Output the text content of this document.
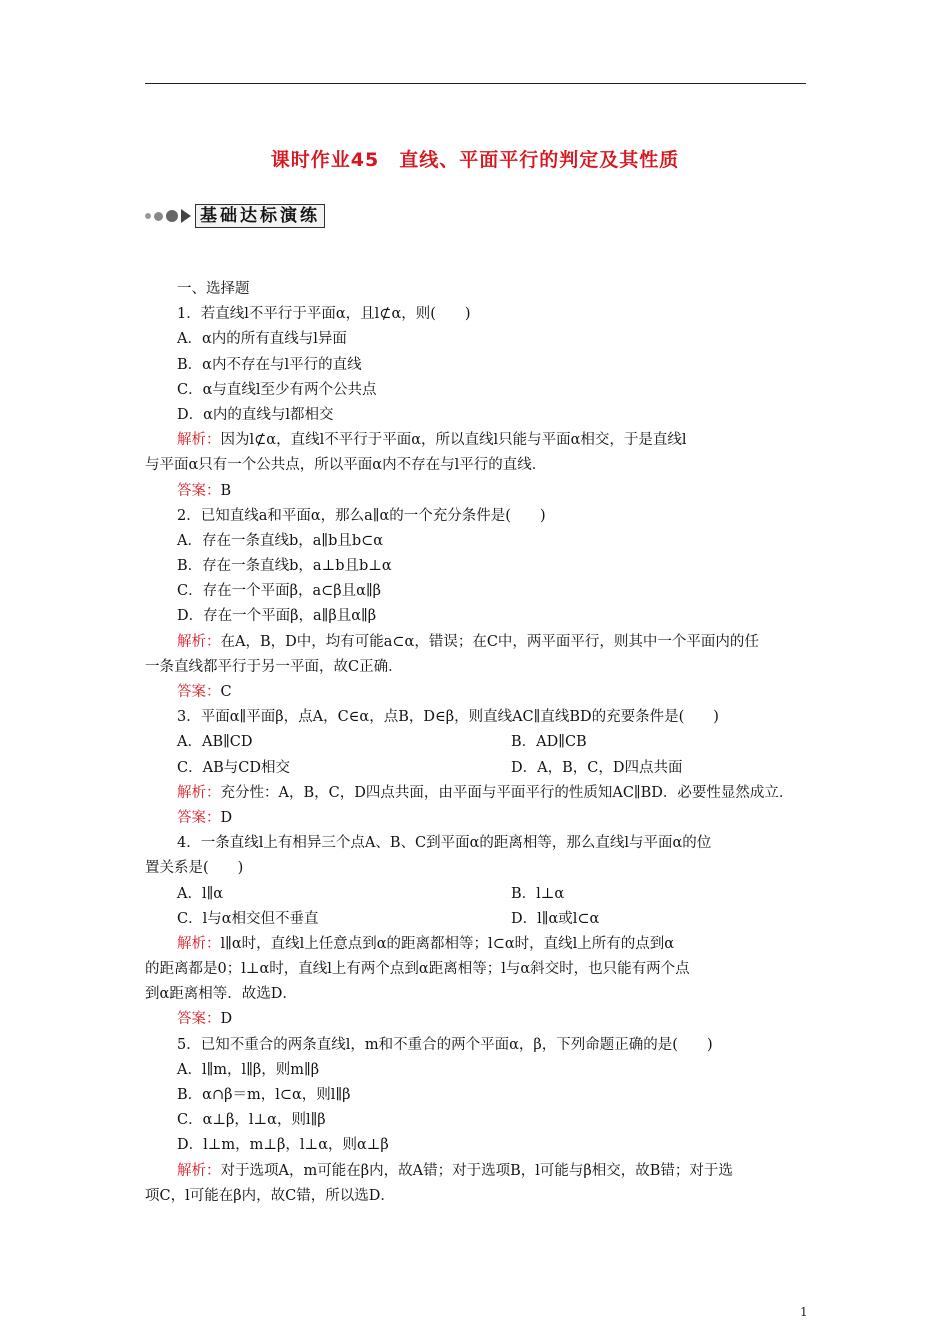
课时作业45　直线、平面平行的判定及其性质
基础达标演练
一、选择题
1．若直线l不平行于平面α，且l⊄α，则(　　)
A．α内的所有直线与l异面
B．α内不存在与l平行的直线
C．α与直线l至少有两个公共点
D．α内的直线与l都相交
解析：因为l⊄α，直线l不平行于平面α，所以直线l只能与平面α相交，于是直线l
与平面α只有一个公共点，所以平面α内不存在与l平行的直线．
答案：B
2．已知直线a和平面α，那么a∥α的一个充分条件是(　　)
A．存在一条直线b，a∥b且b⊂α
B．存在一条直线b，a⊥b且b⊥α
C．存在一个平面β，a⊂β且α∥β
D．存在一个平面β，a∥β且α∥β
解析：在A，B，D中，均有可能a⊂α，错误；在C中，两平面平行，则其中一个平面内的任
一条直线都平行于另一平面，故C正确．
答案：C
3．平面α∥平面β，点A，C∈α，点B，D∈β，则直线AC∥直线BD的充要条件是(　　)
A．AB∥CD	B．AD∥CB
C．AB与CD相交	D．A，B，C，D四点共面
解析：充分性：A，B，C，D四点共面，由平面与平面平行的性质知AC∥BD．必要性显然成立．
答案：D
4．一条直线l上有相异三个点A、B、C到平面α的距离相等，那么直线l与平面α的位
置关系是(　　)
A．l∥α	B．l⊥α
C．l与α相交但不垂直	D．l∥α或l⊂α
解析：l∥α时，直线l上任意点到α的距离都相等；l⊂α时，直线l上所有的点到α
的距离都是0；l⊥α时，直线l上有两个点到α距离相等；l与α斜交时，也只能有两个点
到α距离相等．故选D．
答案：D
5．已知不重合的两条直线l，m和不重合的两个平面α，β，下列命题正确的是(　　)
A．l∥m，l∥β，则m∥β
B．α∩β＝m，l⊂α，则l∥β
C．α⊥β，l⊥α，则l∥β
D．l⊥m，m⊥β，l⊥α，则α⊥β
解析：对于选项A，m可能在β内，故A错；对于选项B，l可能与β相交，故B错；对于选
项C，l可能在β内，故C错，所以选D．
1
